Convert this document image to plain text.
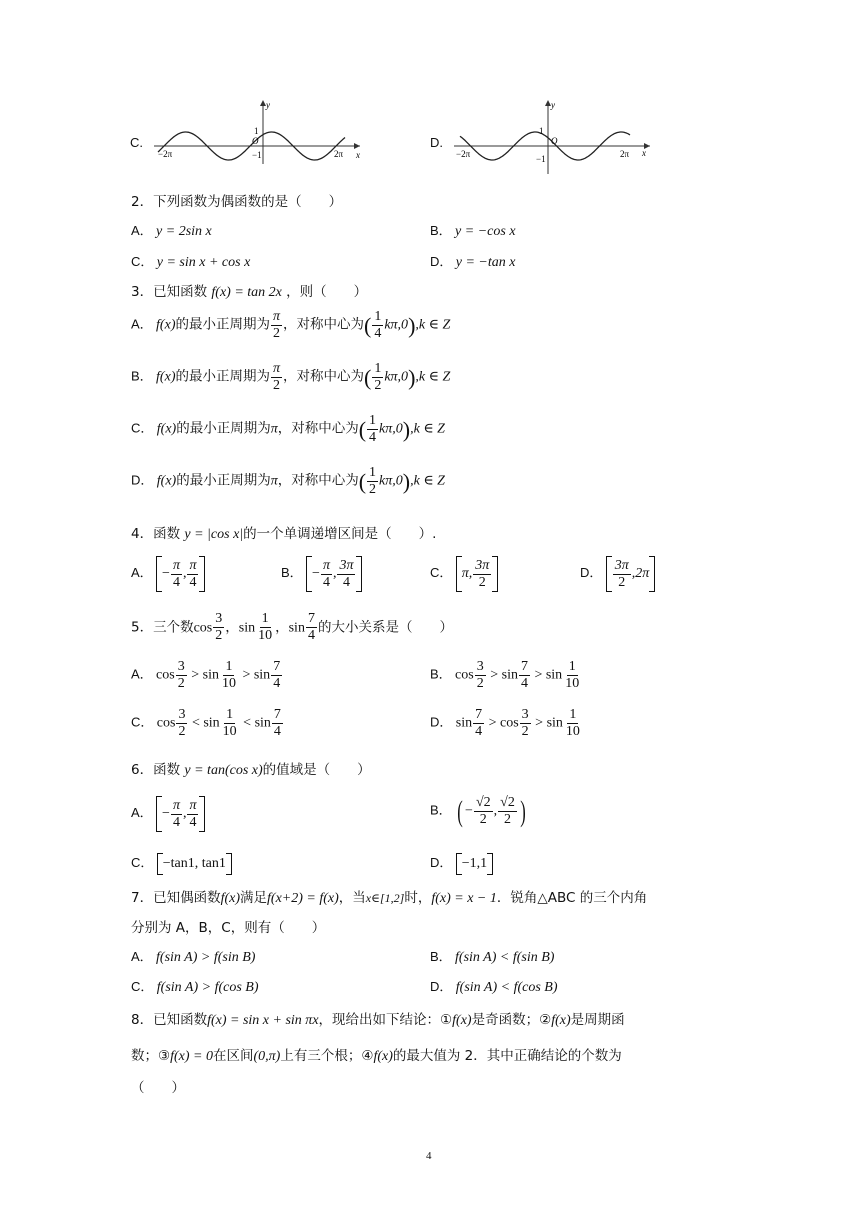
C.
y
x
1
−1
O
−2π	2π
D.
y
x
1
−1
O
−2π	2π
2．下列函数为偶函数的是（　　）
A． y = 2sin x	B． y = −cos x
C． y = sin x + cos x	D． y = −tan x
3．已知函数 f(x) = tan 2x ，则（　　）
A． f(x)的最小正周期为 $\frac{\pi}{2}$ ，对称中心为( $\frac{1}{4} k\pi,0),k$ ∈ Z
B． f(x)的最小正周期为 $\frac{\pi}{2}$ ，对称中心为( $\frac{1}{2} k\pi,0),k$ ∈ Z
C． f(x)的最小正周期为π，对称中心为( $\frac{1}{4} k\pi,0),k$ ∈ Z
D． f(x)的最小正周期为π，对称中心为( $\frac{1}{2} k\pi,0),k$ ∈ Z
4．函数 y = |cos x|的一个单调递增区间是（　　）.
A． − $\frac{\pi}{4}$ , $\frac{\pi}{4}$	B． − $\frac{\pi}{4}$ , $\frac{3\pi}{4}$	C． π, $\frac{3\pi}{2}$	D． $\frac{3\pi}{2} ,2\pi$
5．三个数$\cos \frac{3}{2}$ ，$\sin \frac{1}{10}$ ，$\sin \frac{7}{4}$ 的大小关系是（　　）
A． $\cos \frac{3}{2} > \sin \frac{1}{10} > \sin \frac{7}{4}$	B． $\cos \frac{3}{2} > \sin \frac{7}{4} > \sin \frac{1}{10}$
C． $\cos \frac{3}{2} < \sin \frac{1}{10} < \sin \frac{7}{4}$	D． $\sin \frac{7}{4} > \cos \frac{3}{2} > \sin \frac{1}{10}$
6．函数 y = tan(cos x)的值域是（　　）
A． − $\frac{\pi}{4}$ , $\frac{\pi}{4}$	B． ( − $\frac{√2}{2}$ , $\frac{√2}{2}$ )
C． −tan1, tan1	D． −1,1
7．已知偶函数f(x)满足f(x+2) = f(x)，当x∈[1,2]时，f(x) = x − 1．锐角△ABC 的三个内角
分别为 A，B，C，则有（　　）
A． f(sin A) > f(sin B)	B． f(sin A) < f(sin B)
C． f(sin A) > f(cos B)	D． f(sin A) < f(cos B)
8．已知函数f(x) = sin x + sin πx，现给出如下结论：①f(x)是奇函数；②f(x)是周期函
数；③f(x) = 0在区间(0,π)上有三个根；④f(x)的最大值为 2．其中正确结论的个数为
（　　）
4
